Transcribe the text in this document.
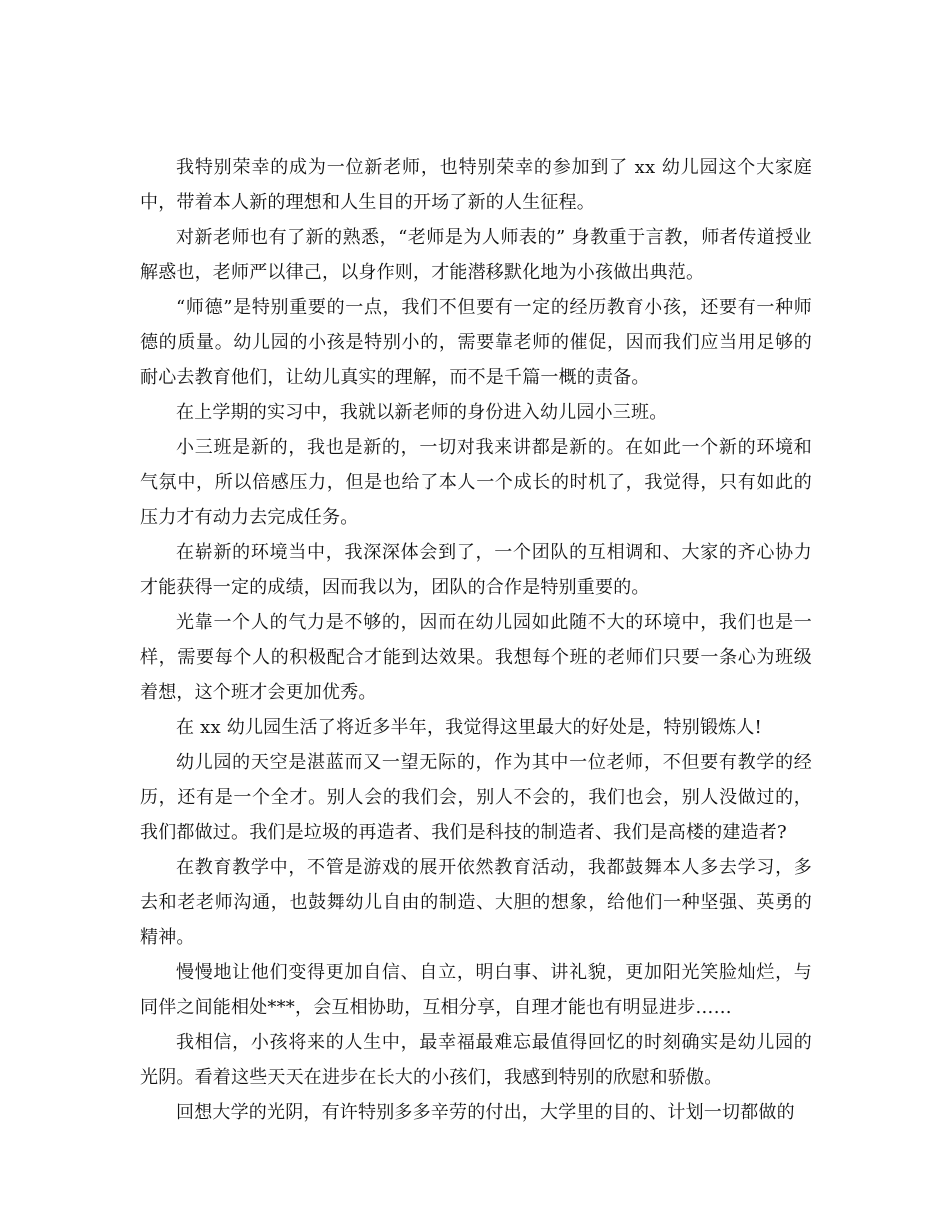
我特别荣幸的成为一位新老师，也特别荣幸的参加到了 xx 幼儿园这个大家庭中，带着本人新的理想和人生目的开场了新的人生征程。

对新老师也有了新的熟悉，“老师是为人师表的” 身教重于言教，师者传道授业解惑也，老师严以律己，以身作则，才能潜移默化地为小孩做出典范。

“师德”是特别重要的一点，我们不但要有一定的经历教育小孩，还要有一种师德的质量。幼儿园的小孩是特别小的，需要靠老师的催促，因而我们应当用足够的耐心去教育他们，让幼儿真实的理解，而不是千篇一概的责备。

在上学期的实习中，我就以新老师的身份进入幼儿园小三班。

小三班是新的，我也是新的，一切对我来讲都是新的。在如此一个新的环境和气氛中，所以倍感压力，但是也给了本人一个成长的时机了，我觉得，只有如此的压力才有动力去完成任务。

在崭新的环境当中，我深深体会到了，一个团队的互相调和、大家的齐心协力才能获得一定的成绩，因而我以为，团队的合作是特别重要的。

光靠一个人的气力是不够的，因而在幼儿园如此随不大的环境中，我们也是一样，需要每个人的积极配合才能到达效果。我想每个班的老师们只要一条心为班级着想，这个班才会更加优秀。

在 xx 幼儿园生活了将近多半年，我觉得这里最大的好处是，特别锻炼人!

幼儿园的天空是湛蓝而又一望无际的，作为其中一位老师，不但要有教学的经历，还有是一个全才。别人会的我们会，别人不会的，我们也会，别人没做过的，我们都做过。我们是垃圾的再造者、我们是科技的制造者、我们是高楼的建造者?

在教育教学中，不管是游戏的展开依然教育活动，我都鼓舞本人多去学习，多去和老老师沟通，也鼓舞幼儿自由的制造、大胆的想象，给他们一种坚强、英勇的精神。

慢慢地让他们变得更加自信、自立，明白事、讲礼貌，更加阳光笑脸灿烂，与同伴之间能相处***，会互相协助，互相分享，自理才能也有明显进步……

我相信，小孩将来的人生中，最幸福最难忘最值得回忆的时刻确实是幼儿园的光阴。看着这些天天在进步在长大的小孩们，我感到特别的欣慰和骄傲。

回想大学的光阴，有许特别多多辛劳的付出，大学里的目的、计划一切都做的
